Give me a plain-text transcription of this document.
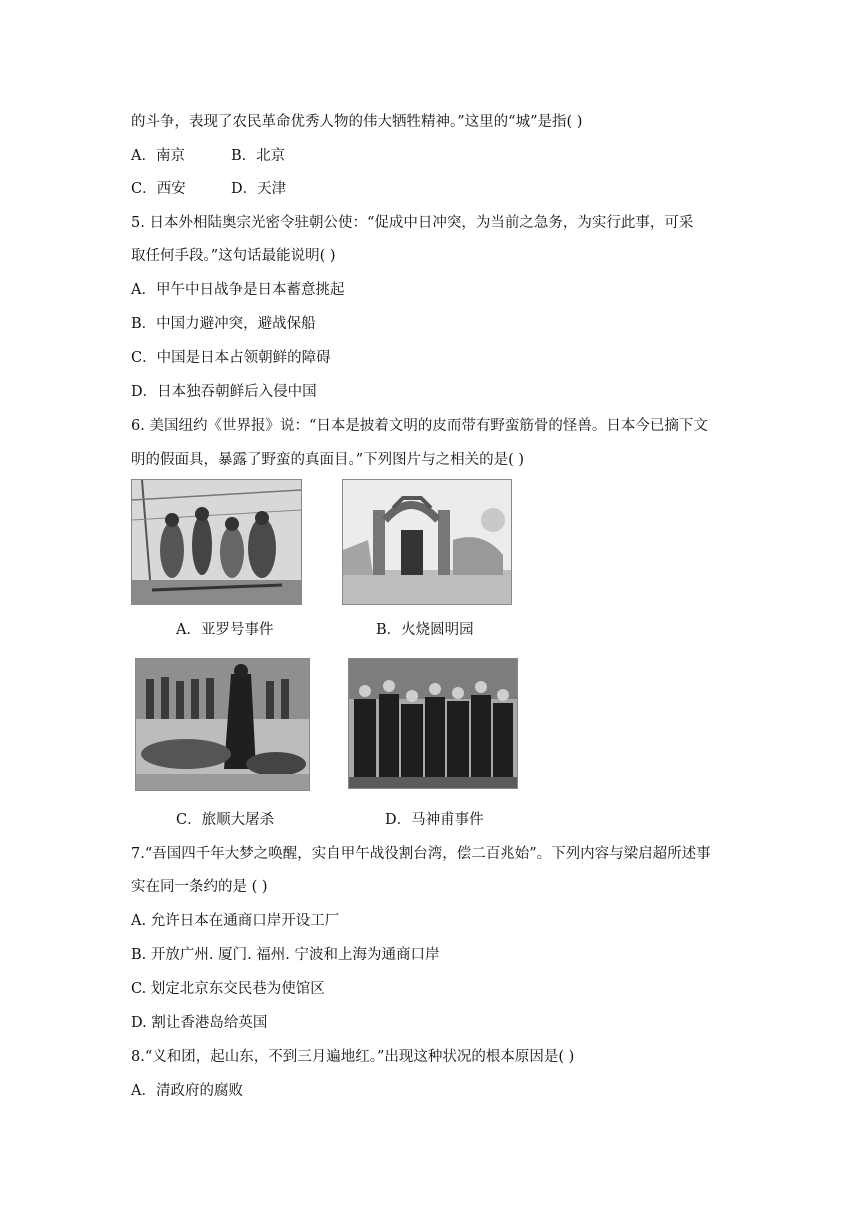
的斗争，表现了农民革命优秀人物的伟大牺牲精神。”这里的“城”是指( )
A．南京	B．北京
C．西安	D．天津
5. 日本外相陆奥宗光密令驻朝公使：“促成中日冲突，为当前之急务，为实行此事，可采
取任何手段。”这句话最能说明( )
A．甲午中日战争是日本蓄意挑起
B．中国力避冲突，避战保船
C．中国是日本占领朝鲜的障碍
D．日本独吞朝鲜后入侵中国
6. 美国纽约《世界报》说：“日本是披着文明的皮而带有野蛮筋骨的怪兽。日本今已摘下文
明的假面具，暴露了野蛮的真面目。”下列图片与之相关的是( )
A．亚罗号事件	B．火烧圆明园
C．旅顺大屠杀	D．马神甫事件
7.“吾国四千年大梦之唤醒，实自甲午战役割台湾，偿二百兆始”。下列内容与梁启超所述事
实在同一条约的是 ( )
A. 允许日本在通商口岸开设工厂
B. 开放广州. 厦门. 福州. 宁波和上海为通商口岸
C. 划定北京东交民巷为使馆区
D. 割让香港岛给英国
8.“义和团，起山东，不到三月遍地红。”出现这种状况的根本原因是( )
A．清政府的腐败
